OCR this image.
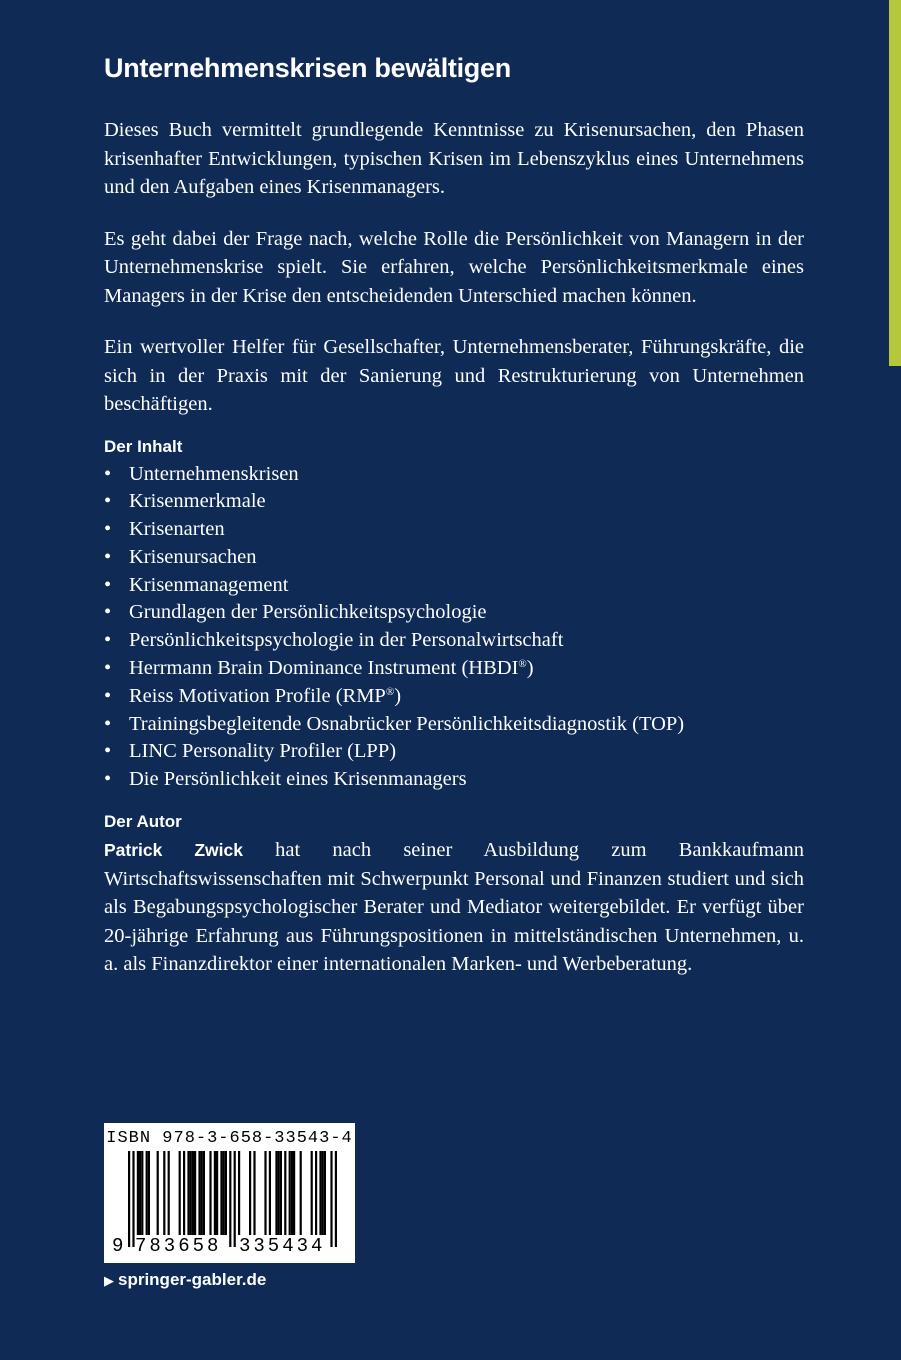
Unternehmenskrisen bewältigen

Dieses Buch vermittelt grundlegende Kenntnisse zu Krisenursachen, den Phasen krisenhafter Entwicklungen, typischen Krisen im Lebenszyklus eines Unternehmens und den Aufgaben eines Krisenmanagers.

Es geht dabei der Frage nach, welche Rolle die Persönlichkeit von Managern in der Unternehmenskrise spielt. Sie erfahren, welche Persönlichkeitsmerkmale eines Managers in der Krise den entscheidenden Unterschied machen können.

Ein wertvoller Helfer für Gesellschafter, Unternehmensberater, Führungskräfte, die sich in der Praxis mit der Sanierung und Restrukturierung von Unternehmen beschäftigen.

Der Inhalt
• Unternehmenskrisen
• Krisenmerkmale
• Krisenarten
• Krisenursachen
• Krisenmanagement
• Grundlagen der Persönlichkeitspsychologie
• Persönlichkeitspsychologie in der Personalwirtschaft
• Herrmann Brain Dominance Instrument (HBDI®)
• Reiss Motivation Profile (RMP®)
• Trainingsbegleitende Osnabrücker Persönlichkeitsdiagnostik (TOP)
• LINC Personality Profiler (LPP)
• Die Persönlichkeit eines Krisenmanagers
Der Autor

Patrick Zwick hat nach seiner Ausbildung zum Bankkaufmann Wirtschaftswissenschaften mit Schwerpunkt Personal und Finanzen studiert und sich als Begabungspsychologischer Berater und Mediator weitergebildet. Er verfügt über 20-jährige Erfahrung aus Führungspositionen in mittelständischen Unternehmen, u. a. als Finanzdirektor einer internationalen Marken- und Werbeberatung.

ISBN 978-3-658-33543-4
9 783658 335434
▶ springer-gabler.de
